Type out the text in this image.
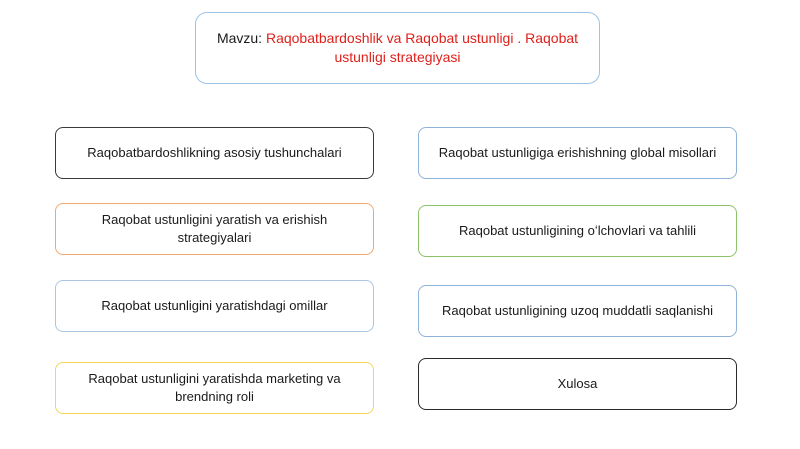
Mavzu: Raqobatbardoshlik va Raqobat ustunligi . Raqobat ustunligi strategiyasi
Raqobatbardoshlikning asosiy tushunchalari
Raqobat ustunligini yaratish va erishish strategiyalari
Raqobat ustunligini yaratishdagi omillar
Raqobat ustunligini yaratishda marketing va brendning roli
Raqobat ustunligiga erishishning global misollari
Raqobat ustunligining oʻlchovlari va tahlili
Raqobat ustunligining uzoq muddatli saqlanishi
Xulosa
